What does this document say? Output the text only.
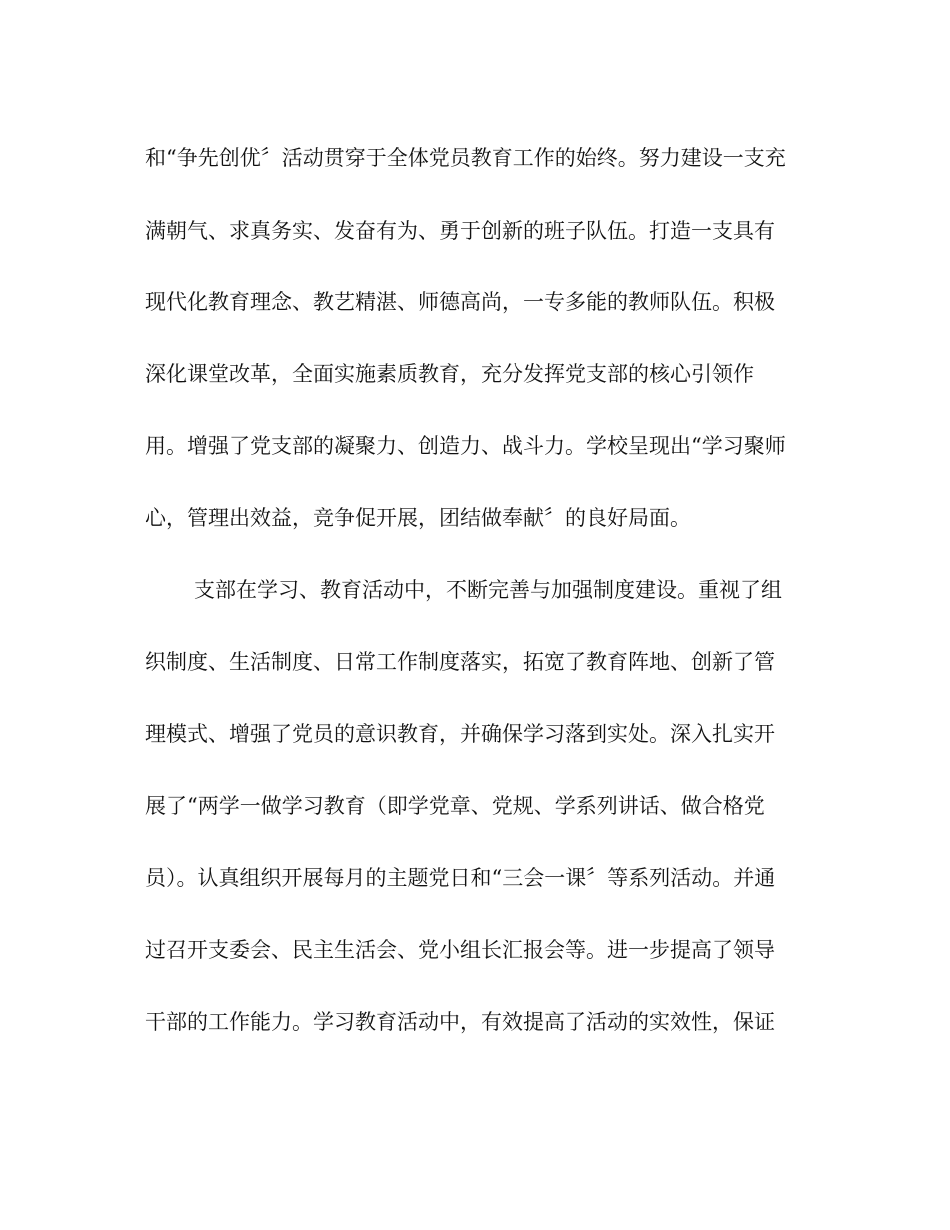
和“争先创优〞活动贯穿于全体党员教育工作的始终。努力建设一支充
满朝气、求真务实、发奋有为、勇于创新的班子队伍。打造一支具有
现代化教育理念、教艺精湛、师德高尚，一专多能的教师队伍。积极
深化课堂改革，全面实施素质教育，充分发挥党支部的核心引领作
用。增强了党支部的凝聚力、创造力、战斗力。学校呈现出“学习聚师
心，管理出效益，竞争促开展，团结做奉献〞的良好局面。
支部在学习、教育活动中，不断完善与加强制度建设。重视了组
织制度、生活制度、日常工作制度落实，拓宽了教育阵地、创新了管
理模式、增强了党员的意识教育，并确保学习落到实处。深入扎实开
展了“两学一做学习教育（即学党章、党规、学系列讲话、做合格党
员）。认真组织开展每月的主题党日和“三会一课〞等系列活动。并通
过召开支委会、民主生活会、党小组长汇报会等。进一步提高了领导
干部的工作能力。学习教育活动中，有效提高了活动的实效性，保证
